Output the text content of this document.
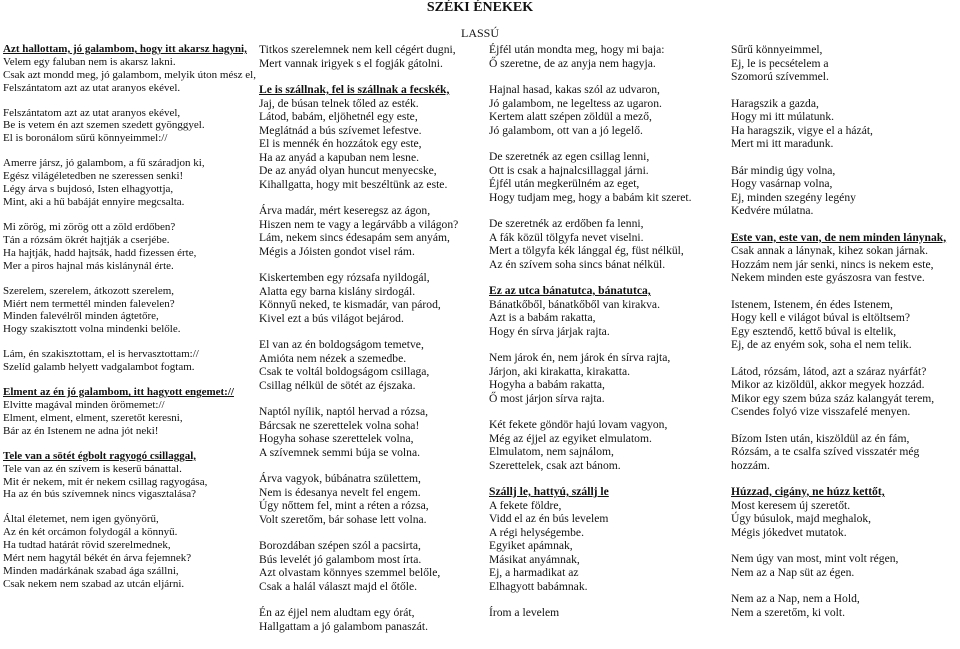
SZÉKI ÉNEKEK
LASSÚ

Azt hallottam, jó galambom, hogy itt akarsz hagyni,
Velem egy faluban nem is akarsz lakni.
Csak azt mondd meg, jó galambom, melyik úton mész el,
Felszántatom azt az utat aranyos ekével.

Felszántatom azt az utat aranyos ekével,
Be is vetem én azt szemen szedett gyönggyel.
El is boronálom sűrű könnyeimmel://

Amerre jársz, jó galambom, a fű száradjon ki,
Egész világéletedben ne szeressen senki!
Légy árva s bujdosó, Isten elhagyottja,
Mint, aki a hű babáját ennyire megcsalta.

Mi zörög, mi zörög ott a zöld erdőben?
Tán a rózsám ökrét hajtják a cserjébe.
Ha hajtják, hadd hajtsák, hadd fizessen érte,
Mer a piros hajnal más kislánynál érte.

Szerelem, szerelem, átkozott szerelem,
Miért nem termettél minden falevelen?
Minden falevélről minden ágtetőre,
Hogy szakisztott volna mindenki belőle.

Lám, én szakisztottam, el is hervasztottam://
Szelíd galamb helyett vadgalambot fogtam.

Elment az én jó galambom, itt hagyott engemet://
Elvitte magával minden örömemet://
Elment, elment, elment, szeretőt keresni,
Bár az én Istenem ne adna jót neki!

Tele van a sötét égbolt ragyogó csillaggal,
Tele van az én szívem is keserű bánattal.
Mit ér nekem, mit ér nekem csillag ragyogása,
Ha az én bús szívemnek nincs vigasztalása?

Által életemet, nem igen gyönyörű,
Az én két orcámon folydogál a könnyű.
Ha tudtad határát rövid szerelmednek,
Mért nem hagytál békét én árva fejemnek?
Minden madárkának szabad ága szállni,
Csak nekem nem szabad az utcán eljárni.

Titkos szerelemnek nem kell cégért dugni,
Mert vannak irigyek s el fogják gátolni.

Le is szállnak, fel is szállnak a fecskék,
Jaj, de búsan telnek tőled az esték.
Látod, babám, eljöhetnél egy este,
Meglátnád a bús szívemet lefestve.
El is mennék én hozzátok egy este,
Ha az anyád a kapuban nem lesne.
De az anyád olyan huncut menyecske,
Kihallgatta, hogy mit beszéltünk az este.

Árva madár, mért keseregsz az ágon,
Hiszen nem te vagy a legárvább a világon?
Lám, nekem sincs édesapám sem anyám,
Mégis a Jóisten gondot visel rám.

Kiskertemben egy rózsafa nyildogál,
Alatta egy barna kislány sirdogál.
Könnyű neked, te kismadár, van párod,
Kivel ezt a bús világot bejárod.

El van az én boldogságom temetve,
Amióta nem nézek a szemedbe.
Csak te voltál boldogságom csillaga,
Csillag nélkül de sötét az éjszaka.

Naptól nyílik, naptól hervad a rózsa,
Bárcsak ne szerettelek volna soha!
Hogyha sohase szerettelek volna,
A szívemnek semmi búja se volna.

Árva vagyok, búbánatra születtem,
Nem is édesanya nevelt fel engem.
Úgy nőttem fel, mint a réten a rózsa,
Volt szeretőm, bár sohase lett volna.

Borozdában szépen szól a pacsirta,
Bús levelét jó galambom most írta.
Azt olvastam könnyes szemmel belőle,
Csak a halál választ majd el őtőle.

Én az éjjel nem aludtam egy órát,
Hallgattam a jó galambom panaszát.

Éjfél után mondta meg, hogy mi baja:
Ő szeretne, de az anyja nem hagyja.

Hajnal hasad, kakas szól az udvaron,
Jó galambom, ne legeltess az ugaron.
Kertem alatt szépen zöldül a mező,
Jó galambom, ott van a jó legelő.

De szeretnék az egen csillag lenni,
Ott is csak a hajnalcsillaggal járni.
Éjfél után megkerülném az eget,
Hogy tudjam meg, hogy a babám kit szeret.

De szeretnék az erdőben fa lenni,
A fák közül tölgyfa nevet viselni.
Mert a tölgyfa kék lánggal ég, füst nélkül,
Az én szívem soha sincs bánat nélkül.

Ez az utca bánatutca, bánatutca,
Bánatkőből, bánatkőből van kirakva.
Azt is a babám rakatta,
Hogy én sírva járjak rajta.

Nem járok én, nem járok én sírva rajta,
Járjon, aki kirakatta, kirakatta.
Hogyha a babám rakatta,
Ő most járjon sírva rajta.

Két fekete göndör hajú lovam vagyon,
Még az éjjel az egyiket elmulatom.
Elmulatom, nem sajnálom,
Szerettelek, csak azt bánom.

Szállj le, hattyú, szállj le
A fekete földre,
Vidd el az én bús levelem
A régi helységembe.
Egyiket apámnak,
Másikat anyámnak,
Ej, a harmadikat az
Elhagyott babámnak.

Írom a levelem

Sűrű könnyeimmel,
Ej, le is pecsételem a
Szomorú szívemmel.

Haragszik a gazda,
Hogy mi itt múlatunk.
Ha haragszik, vigye el a házát,
Mert mi itt maradunk.

Bár mindig úgy volna,
Hogy vasárnap volna,
Ej, minden szegény legény
Kedvére múlatna.

Este van, este van, de nem minden lánynak,
Csak annak a lánynak, kihez sokan járnak.
Hozzám nem jár senki, nincs is nekem este,
Nekem minden este gyászosra van festve.

Istenem, Istenem, én édes Istenem,
Hogy kell e világot búval is eltöltsem?
Egy esztendő, kettő búval is eltelik,
Ej, de az enyém sok, soha el nem telik.

Látod, rózsám, látod, azt a száraz nyárfát?
Mikor az kizöldül, akkor megyek hozzád.
Mikor egy szem búza száz kalangyát terem,
Csendes folyó vize visszafelé menyen.

Bízom Isten után, kiszöldül az én fám,
Rózsám, a te csalfa szíved visszatér még
hozzám.

Húzzad, cigány, ne húzz kettőt,
Most keresem új szeretőt.
Úgy búsulok, majd meghalok,
Mégis jókedvet mutatok.

Nem úgy van most, mint volt régen,
Nem az a Nap süt az égen.

Nem az a Nap, nem a Hold,
Nem a szeretőm, ki volt.
